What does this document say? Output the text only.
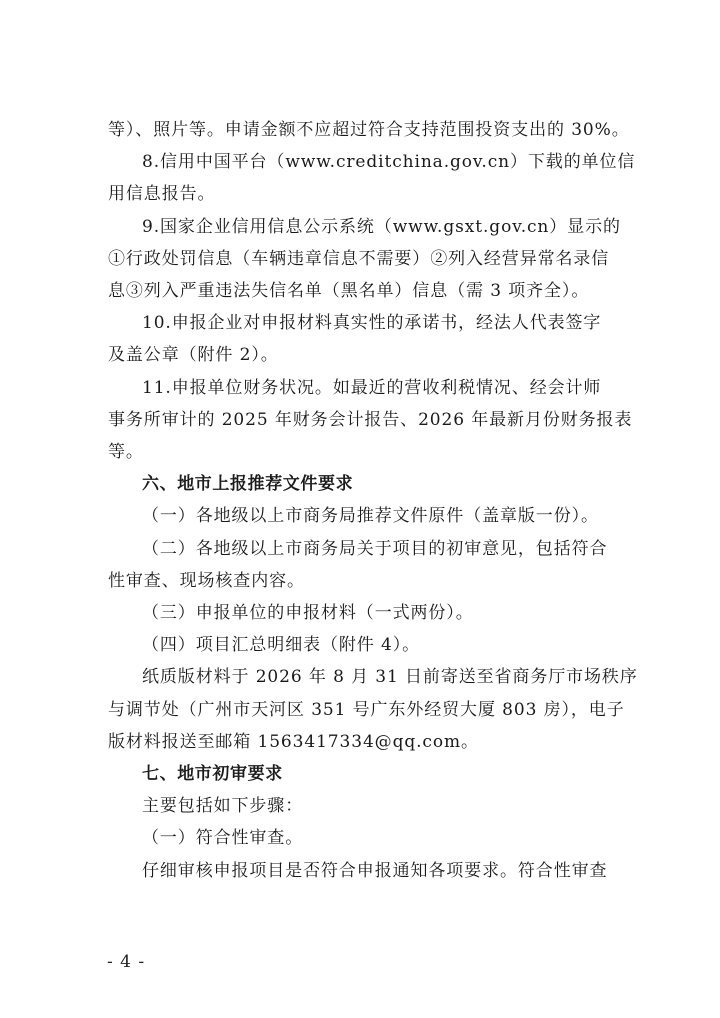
等）、照片等。申请金额不应超过符合支持范围投资支出的 30%。

8.信用中国平台（www.creditchina.gov.cn）下载的单位信
用信息报告。

9.国家企业信用信息公示系统（www.gsxt.gov.cn）显示的
①行政处罚信息（车辆违章信息不需要）②列入经营异常名录信
息③列入严重违法失信名单（黑名单）信息（需 3 项齐全）。

10.申报企业对申报材料真实性的承诺书，经法人代表签字
及盖公章（附件 2）。

11.申报单位财务状况。如最近的营收利税情况、经会计师
事务所审计的 2025 年财务会计报告、2026 年最新月份财务报表
等。

六、地市上报推荐文件要求

（一）各地级以上市商务局推荐文件原件（盖章版一份）。

（二）各地级以上市商务局关于项目的初审意见，包括符合
性审查、现场核查内容。

（三）申报单位的申报材料（一式两份）。

（四）项目汇总明细表（附件 4）。

纸质版材料于 2026 年 8 月 31 日前寄送至省商务厅市场秩序
与调节处（广州市天河区 351 号广东外经贸大厦 803 房），电子
版材料报送至邮箱 1563417334@qq.com。

七、地市初审要求

主要包括如下步骤：

（一）符合性审查。

仔细审核申报项目是否符合申报通知各项要求。符合性审查

- 4 -
